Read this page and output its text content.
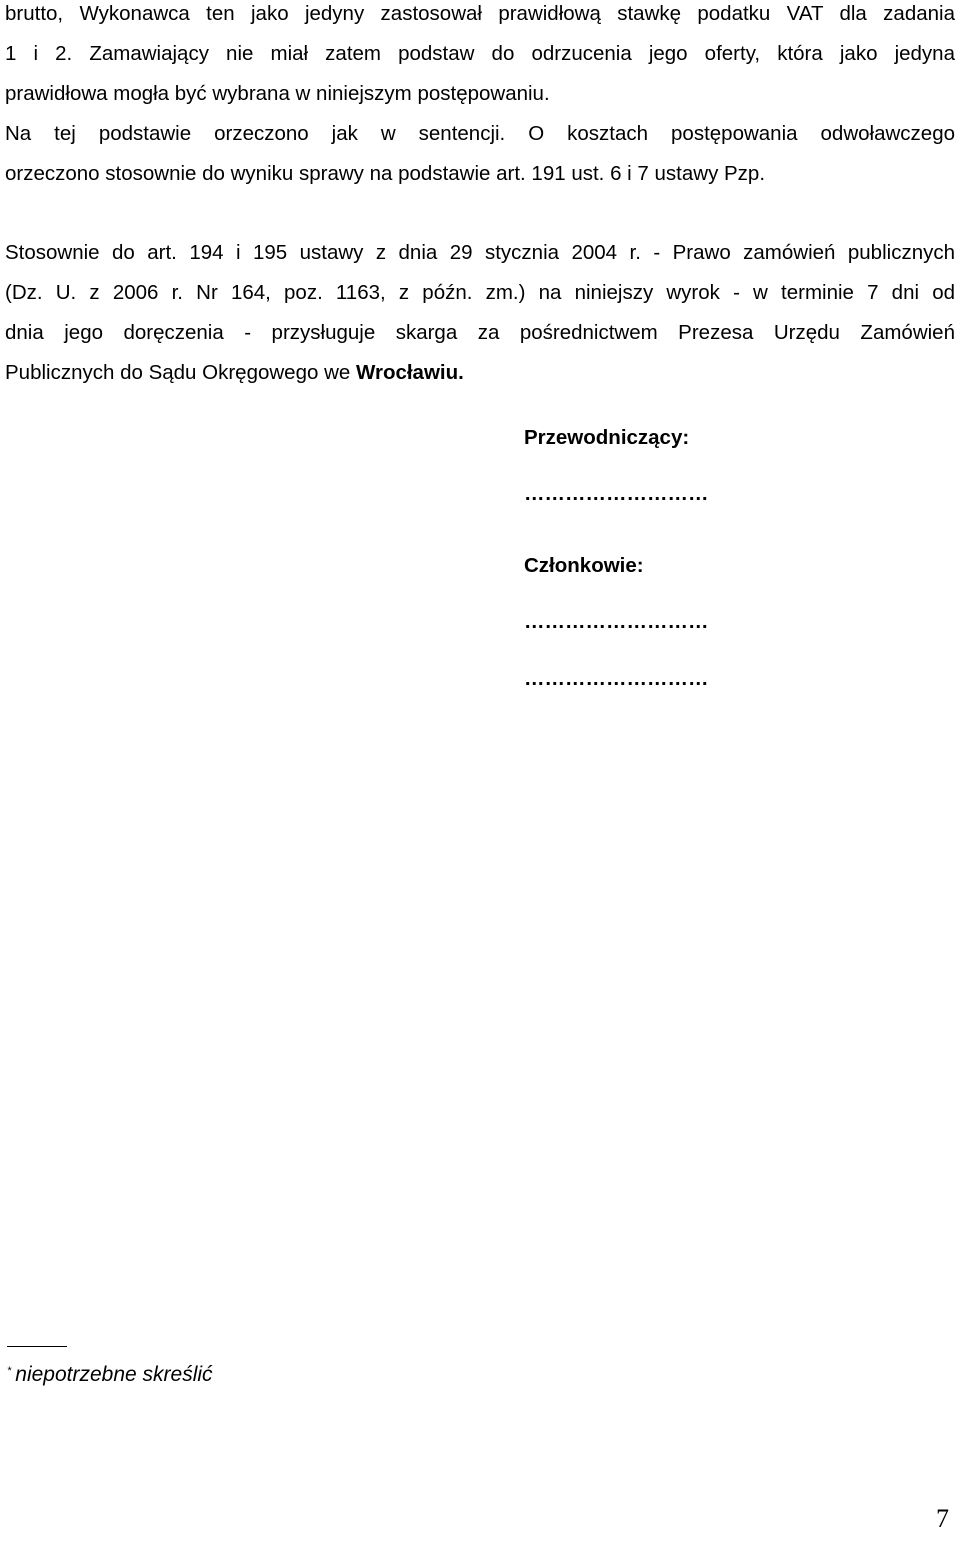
brutto, Wykonawca ten jako jedyny zastosował prawidłową stawkę podatku VAT dla zadania
1 i 2. Zamawiający nie miał zatem podstaw do odrzucenia jego oferty, która jako jedyna
prawidłowa mogła być wybrana w niniejszym postępowaniu.
Na tej podstawie orzeczono jak w sentencji. O kosztach postępowania odwoławczego
orzeczono stosownie do wyniku sprawy na podstawie art. 191 ust. 6 i 7 ustawy Pzp.
Stosownie do art. 194 i 195 ustawy z dnia 29 stycznia 2004 r. - Prawo zamówień publicznych
(Dz. U. z 2006 r. Nr 164, poz. 1163, z późn. zm.) na niniejszy wyrok - w terminie 7 dni od
dnia jego doręczenia - przysługuje skarga za pośrednictwem Prezesa Urzędu Zamówień
Publicznych do Sądu Okręgowego we Wrocławiu.
Przewodniczący:
………………………
Członkowie:
………………………
………………………
* niepotrzebne skreślić
7
